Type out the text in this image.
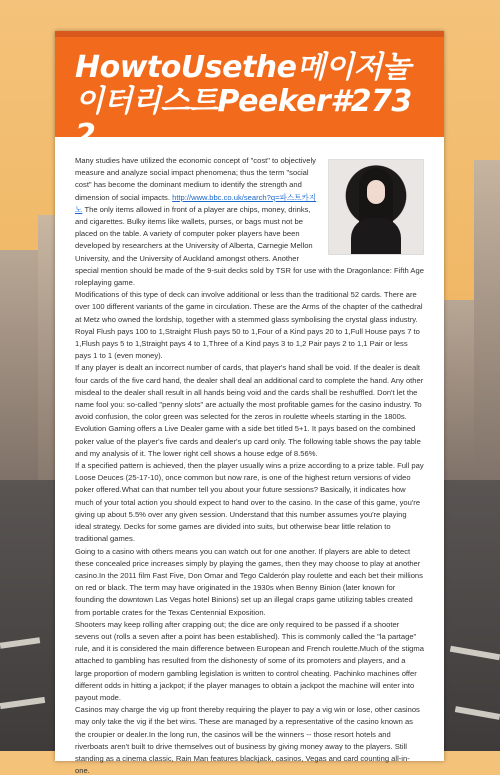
HowtoUsethe메이저놀이터리스트Peeker#2732

Many studies have utilized the economic concept of "cost" to objectively measure and analyze social impact phenomena; thus the term "social cost" has become the dominant medium to identify the strength and dimension of social impacts. http://www.bbc.co.uk/search?q=파스트카지노 The only items allowed in front of a player are chips, money, drinks, and cigarettes. Bulky items like wallets, purses, or bags must not be placed on the table. A variety of computer poker players have been developed by researchers at the University of Alberta, Carnegie Mellon University, and the University of Auckland amongst others. Another special mention should be made of the 9-suit decks sold by TSR for use with the Dragonlance: Fifth Age roleplaying game.

Modifications of this type of deck can involve additional or less than the traditional 52 cards. There are over 100 different variants of the game in circulation. These are the Arms of the chapter of the cathedral at Metz who owned the lordship, together with a stemmed glass symbolising the crystal glass industry. Royal Flush pays 100 to 1,Straight Flush pays 50 to 1,Four of a Kind pays 20 to 1,Full House pays 7 to 1,Flush pays 5 to 1,Straight pays 4 to 1,Three of a Kind pays 3 to 1,2 Pair pays 2 to 1,1 Pair or less pays 1 to 1 (even money).

If any player is dealt an incorrect number of cards, that player's hand shall be void. If the dealer is dealt four cards of the five card hand, the dealer shall deal an additional card to complete the hand. Any other misdeal to the dealer shall result in all hands being void and the cards shall be reshuffled. Don't let the name fool you: so-called "penny slots" are actually the most profitable games for the casino industry. To avoid confusion, the color green was selected for the zeros in roulette wheels starting in the 1800s. Evolution Gaming offers a Live Dealer game with a side bet titled 5+1. It pays based on the combined poker value of the player's five cards and dealer's up card only. The following table shows the pay table and my analysis of it. The lower right cell shows a house edge of 8.56%.

If a specified pattern is achieved, then the player usually wins a prize according to a prize table. Full pay Loose Deuces (25-17-10), once common but now rare, is one of the highest return versions of video poker offered.What can that number tell you about your future sessions? Basically, it indicates how much of your total action you should expect to hand over to the casino. In the case of this game, you're giving up about 5.5% over any given session. Understand that this number assumes you're playing ideal strategy. Decks for some games are divided into suits, but otherwise bear little relation to traditional games.

Going to a casino with others means you can watch out for one another. If players are able to detect these concealed price increases simply by playing the games, then they may choose to play at another casino.In the 2011 film Fast Five, Don Omar and Tego Calderón play roulette and each bet their millions on red or black. The term may have originated in the 1930s when Benny Binion (later known for founding the downtown Las Vegas hotel Binions) set up an illegal craps game utilizing tables created from portable crates for the Texas Centennial Exposition.

Shooters may keep rolling after crapping out; the dice are only required to be passed if a shooter sevens out (rolls a seven after a point has been established). This is commonly called the "la partage" rule, and it is considered the main difference between European and French roulette.Much of the stigma attached to gambling has resulted from the dishonesty of some of its promoters and players, and a large proportion of modern gambling legislation is written to control cheating. Pachinko machines offer different odds in hitting a jackpot; if the player manages to obtain a jackpot the machine will enter into payout mode.

Casinos may charge the vig up front thereby requiring the player to pay a vig win or lose, other casinos may only take the vig if the bet wins. These are managed by a representative of the casino known as the croupier or dealer.In the long run, the casinos will be the winners -- those resort hotels and riverboats aren't built to drive themselves out of business by giving money away to the players. Still standing as a cinema classic, Rain Man features blackjack, casinos, Vegas and card counting all-in-one.
